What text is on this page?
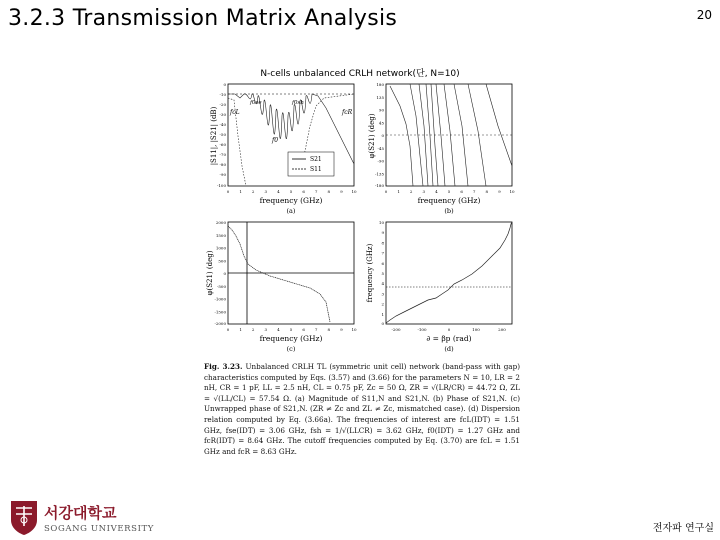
3.2.3 Transmission Matrix Analysis	20
N-cells unbalanced CRLH network(단, N=10)
S21
S11
fcL
f0se	f0sh
fcR
f0
0
-10
-20
-30
-40
-50
-60
-70
-80
-90
-100
0	1	2	3	4	5	6	7	8	9 10
frequency (GHz)
(a)
|S11|, |S21| (dB)
180
135
90
45
0
-45
-90
-135
-180
0	1	2	3	4	5	6	7	8	9 10
frequency (GHz)
(b)
φ(S21) (deg)
2000
1500
1000
500
0
-500
-1000
-1500
-2000
0	1	2	3	4	5	6	7	8	9 10
frequency (GHz)
(c)
φ(S21) (deg)
10
9
8
7
6
5
4
3
2
1
0
-200	-100	0	100	200
∂ = βp (rad)
(d)
frequency (GHz)
Fig. 3.23. Unbalanced CRLH TL (symmetric unit cell) network (band-pass with gap) characteristics computed by Eqs. (3.57) and (3.66) for the parameters N = 10, LR = 2 nH, CR = 1 pF, LL = 2.5 nH, CL = 0.75 pF, Zc = 50 Ω, ZR = √(LR/CR) = 44.72 Ω, ZL = √(LL/CL) = 57.54 Ω. (a) Magnitude of S11,N and S21,N. (b) Phase of S21,N. (c) Unwrapped phase of S21,N. (ZR ≠ Zc and ZL ≠ Zc, mismatched case). (d) Dispersion relation computed by Eq. (3.66a). The frequencies of interest are fcL(IDT) = 1.51 GHz, fse(IDT) = 3.06 GHz, fsh = 1/√(LLCR) = 3.62 GHz, f0(IDT) = 1.27 GHz and fcR(IDT) = 8.64 GHz. The cutoff frequencies computed by Eq. (3.70) are fcL = 1.51 GHz and fcR = 8.63 GHz.
서강대학교
SOGANG UNIVERSITY	전자파 연구실
